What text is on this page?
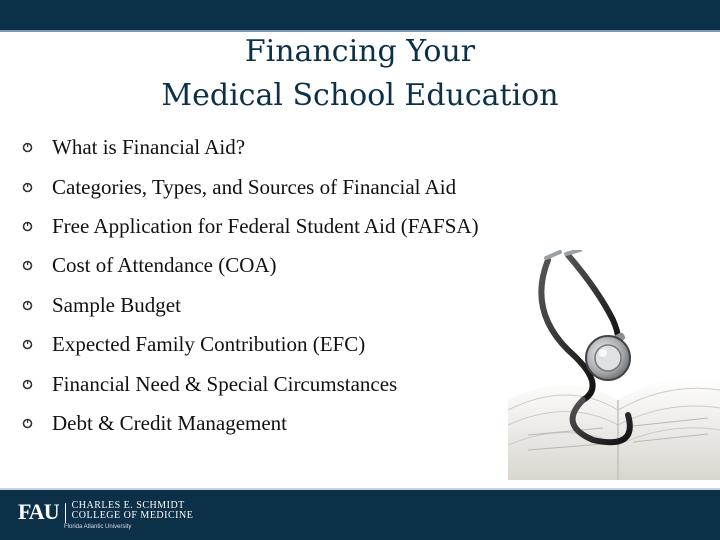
Financing Your
Medical School Education
What is Financial Aid?
Categories, Types, and Sources of Financial Aid
Free Application for Federal Student Aid (FAFSA)
Cost of Attendance (COA)
Sample Budget
Expected Family Contribution (EFC)
Financial Need & Special Circumstances
Debt & Credit Management
FAU CHARLES E. SCHMIDT
COLLEGE OF MEDICINE
Florida Atlantic University
